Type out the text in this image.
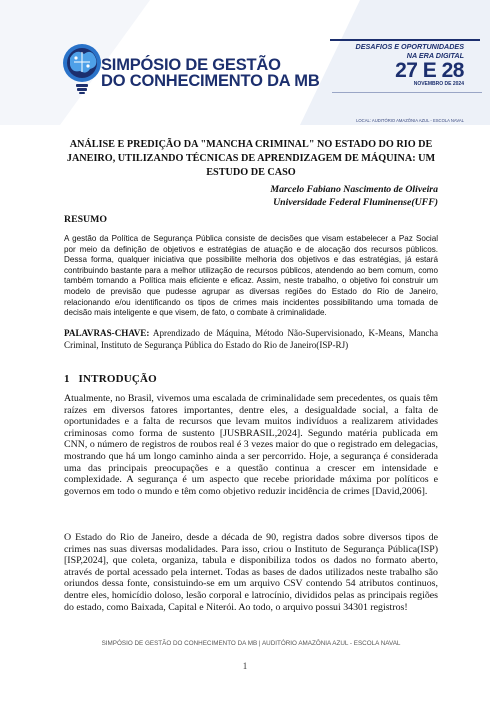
SIMPÓSIO DE GESTÃO
DO CONHECIMENTO DA MB
DESAFIOS E OPORTUNIDADES
NA ERA DIGITAL
27 E 28
NOVEMBRO DE 2024
LOCAL: AUDITÓRIO AMAZÔNIA AZUL - ESCOLA NAVAL
ANÁLISE E PREDIÇÃO DA "MANCHA CRIMINAL" NO ESTADO DO RIO DE JANEIRO, UTILIZANDO TÉCNICAS DE APRENDIZAGEM DE MÁQUINA: UM ESTUDO DE CASO
Marcelo Fabiano Nascimento de Oliveira
Universidade Federal Fluminense(UFF)
RESUMO
A gestão da Política de Segurança Pública consiste de decisões que visam estabelecer a Paz Social por meio da definição de objetivos e estratégias de atuação e de alocação dos recursos públicos. Dessa forma, qualquer iniciativa que possibilite melhoria dos objetivos e das estratégias, já estará contribuindo bastante para a melhor utilização de recursos públicos, atendendo ao bem comum, como também tornando a Política mais eficiente e eficaz. Assim, neste trabalho, o objetivo foi construir um modelo de previsão que pudesse agrupar as diversas regiões do Estado do Rio de Janeiro, relacionando e/ou identificando os tipos de crimes mais incidentes possibilitando uma tomada de decisão mais inteligente e que visem, de fato, o combate à criminalidade.
PALAVRAS-CHAVE: Aprendizado de Máquina, Método Não-Supervisionado, K-Means, Mancha Criminal, Instituto de Segurança Pública do Estado do Rio de Janeiro(ISP-RJ)
1   INTRODUÇÃO
Atualmente, no Brasil, vivemos uma escalada de criminalidade sem precedentes, os quais têm raízes em diversos fatores importantes, dentre eles, a desigualdade social, a falta de oportunidades e a falta de recursos que levam muitos indivíduos a realizarem atividades criminosas como forma de sustento [JUSBRASIL,2024]. Segundo matéria publicada em CNN, o número de registros de roubos real é 3 vezes maior do que o registrado em delegacias, mostrando que há um longo caminho ainda a ser percorrido. Hoje, a segurança é considerada uma das principais preocupações e a questão continua a crescer em intensidade e complexidade. A segurança é um aspecto que recebe prioridade máxima por políticos e governos em todo o mundo e têm como objetivo reduzir incidência de crimes [David,2006].
O Estado do Rio de Janeiro, desde a década de 90, registra dados sobre diversos tipos de crimes nas suas diversas modalidades. Para isso, criou o Instituto de Segurança Pública(ISP) [ISP,2024], que coleta, organiza, tabula e disponibiliza todos os dados no formato aberto, através de portal acessado pela internet. Todas as bases de dados utilizados neste trabalho são oriundos dessa fonte, consistuindo-se em um arquivo CSV contendo 54 atributos continuos, dentre eles, homicídio doloso, lesão corporal e latrocínio, divididos pelas as principais regiões do estado, como Baixada, Capital e Niterói. Ao todo, o arquivo possui 34301 registros!
SIMPÓSIO DE GESTÃO DO CONHECIMENTO DA MB | AUDITÓRIO AMAZÔNIA AZUL - ESCOLA NAVAL
1
